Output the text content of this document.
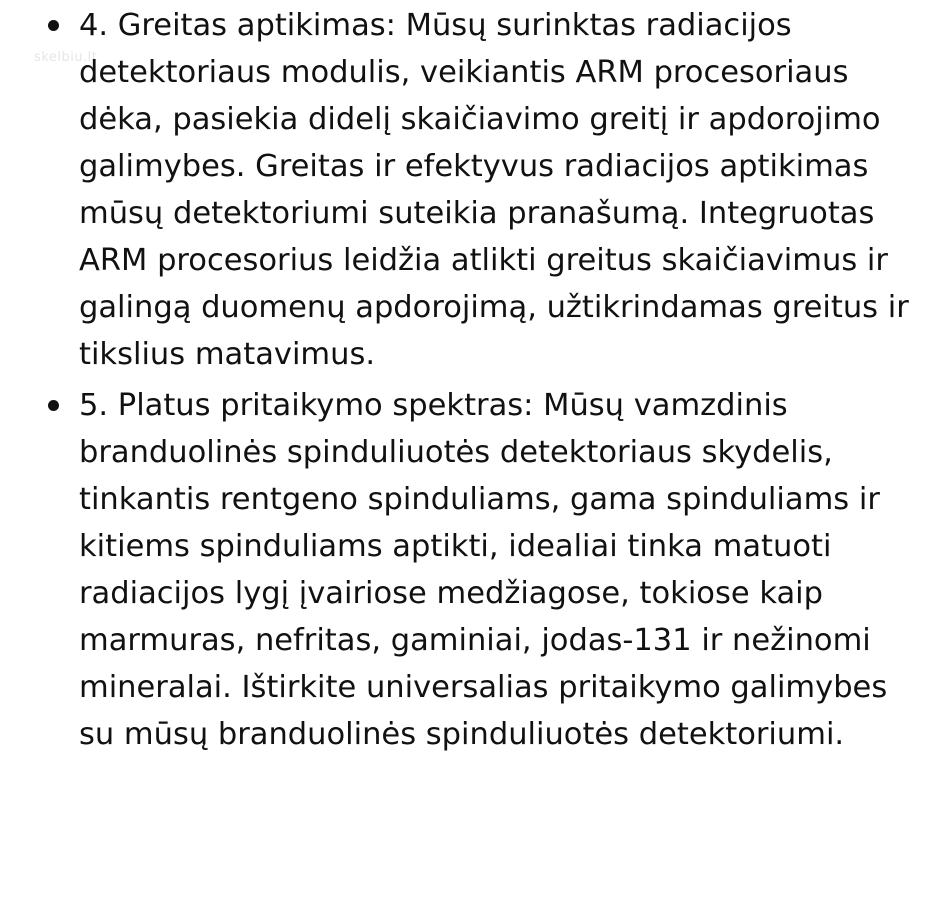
skelbiu.lt
4. Greitas aptikimas: Mūsų surinktas radiacijos detektoriaus modulis, veikiantis ARM procesoriaus dėka, pasiekia didelį skaičiavimo greitį ir apdorojimo galimybes. Greitas ir efektyvus radiacijos aptikimas mūsų detektoriumi suteikia pranašumą. Integruotas ARM procesorius leidžia atlikti greitus skaičiavimus ir galingą duomenų apdorojimą, užtikrindamas greitus ir tikslius matavimus.
5. Platus pritaikymo spektras: Mūsų vamzdinis branduolinės spinduliuotės detektoriaus skydelis, tinkantis rentgeno spinduliams, gama spinduliams ir kitiems spinduliams aptikti, idealiai tinka matuoti radiacijos lygį įvairiose medžiagose, tokiose kaip marmuras, nefritas, gaminiai, jodas-131 ir nežinomi mineralai. Ištirkite universalias pritaikymo galimybes su mūsų branduolinės spinduliuotės detektoriumi.
